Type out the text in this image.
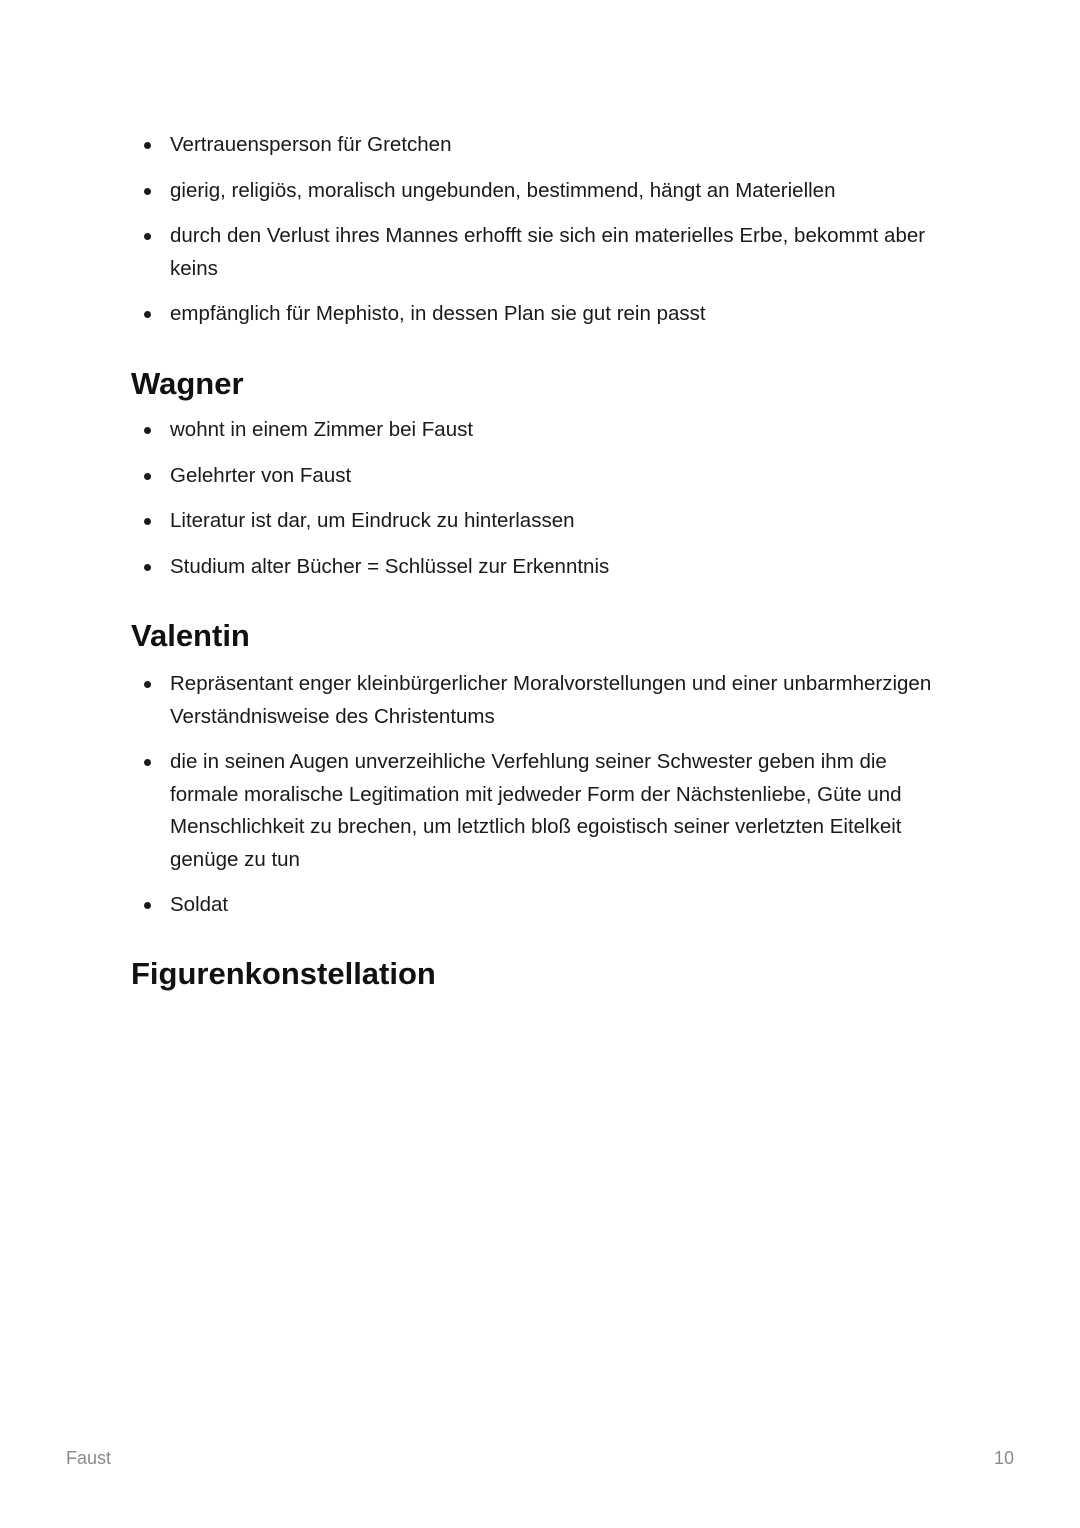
Vertrauensperson für Gretchen
gierig, religiös, moralisch ungebunden, bestimmend, hängt an Materiellen
durch den Verlust ihres Mannes erhofft sie sich ein materielles Erbe, bekommt aber keins
empfänglich für Mephisto, in dessen Plan sie gut rein passt
Wagner
wohnt in einem Zimmer bei Faust
Gelehrter von Faust
Literatur ist dar, um Eindruck zu hinterlassen
Studium alter Bücher = Schlüssel zur Erkenntnis
Valentin
Repräsentant enger kleinbürgerlicher Moralvorstellungen und einer unbarmherzigen Verständnisweise des Christentums
die in seinen Augen unverzeihliche Verfehlung seiner Schwester geben ihm die formale moralische Legitimation mit jedweder Form der Nächstenliebe, Güte und Menschlichkeit zu brechen, um letztlich bloß egoistisch seiner verletzten Eitelkeit genüge zu tun
Soldat
Figurenkonstellation
Faust	10
